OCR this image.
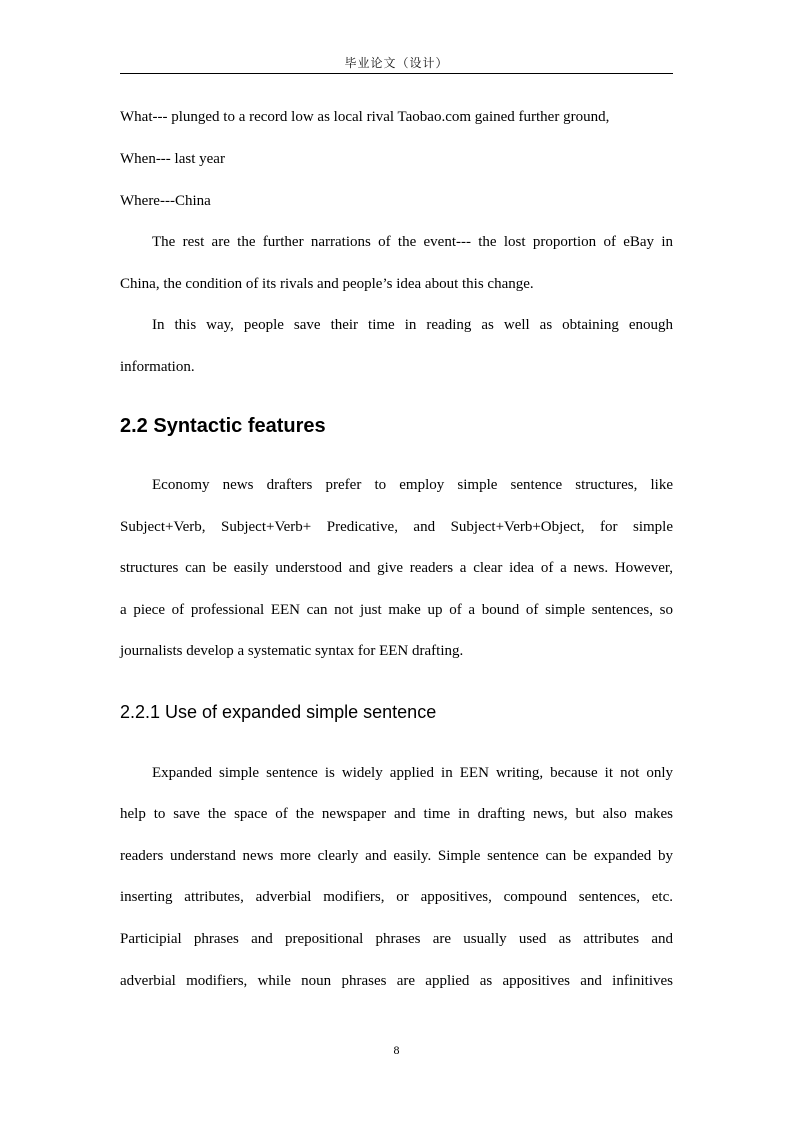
毕业论文（设计）
What--- plunged to a record low as local rival Taobao.com gained further ground,
When--- last year
Where---China
The rest are the further narrations of the event--- the lost proportion of eBay in
China, the condition of its rivals and people’s idea about this change.
In this way, people save their time in reading as well as obtaining enough
information.
2.2 Syntactic features
Economy news drafters prefer to employ simple sentence structures, like
Subject+Verb, Subject+Verb+ Predicative, and Subject+Verb+Object, for simple
structures can be easily understood and give readers a clear idea of a news. However,
a piece of professional EEN can not just make up of a bound of simple sentences, so
journalists develop a systematic syntax for EEN drafting.
2.2.1 Use of expanded simple sentence
Expanded simple sentence is widely applied in EEN writing, because it not only
help to save the space of the newspaper and time in drafting news, but also makes
readers understand news more clearly and easily. Simple sentence can be expanded by
inserting attributes, adverbial modifiers, or appositives, compound sentences, etc.
Participial phrases and prepositional phrases are usually used as attributes and
adverbial modifiers, while noun phrases are applied as appositives and infinitives
8
